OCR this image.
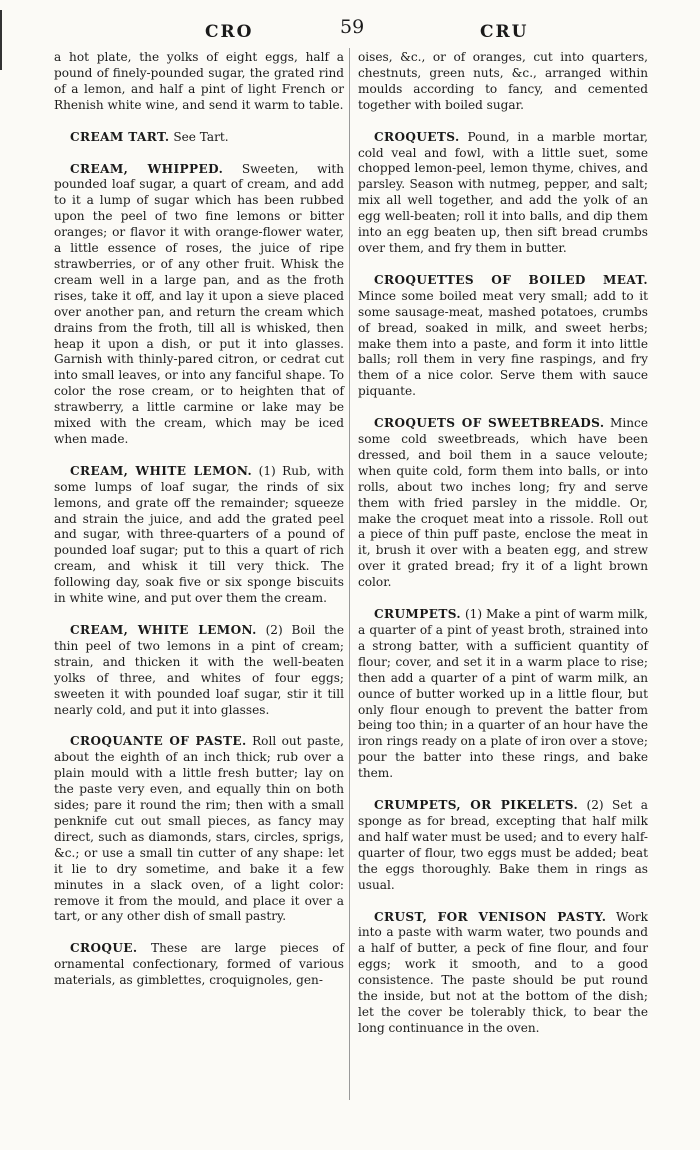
CRO	59	CRU

a hot plate, the yolks of eight eggs, half a pound of finely-pounded sugar, the grated rind of a lemon, and half a pint of light French or Rhenish white wine, and send it warm to table.

CREAM TART. See Tart.

CREAM, WHIPPED. Sweeten, with pounded loaf sugar, a quart of cream, and add to it a lump of sugar which has been rubbed upon the peel of two fine lemons or bitter oranges; or flavor it with orange-flower water, a little essence of roses, the juice of ripe strawberries, or of any other fruit. Whisk the cream well in a large pan, and as the froth rises, take it off, and lay it upon a sieve placed over another pan, and return the cream which drains from the froth, till all is whisked, then heap it upon a dish, or put it into glasses. Garnish with thinly-pared citron, or cedrat cut into small leaves, or into any fanciful shape. To color the rose cream, or to heighten that of strawberry, a little carmine or lake may be mixed with the cream, which may be iced when made.

CREAM, WHITE LEMON. (1) Rub, with some lumps of loaf sugar, the rinds of six lemons, and grate off the remainder; squeeze and strain the juice, and add the grated peel and sugar, with three-quarters of a pound of pounded loaf sugar; put to this a quart of rich cream, and whisk it till very thick. The following day, soak five or six sponge biscuits in white wine, and put over them the cream.

CREAM, WHITE LEMON. (2) Boil the thin peel of two lemons in a pint of cream; strain, and thicken it with the well-beaten yolks of three, and whites of four eggs; sweeten it with pounded loaf sugar, stir it till nearly cold, and put it into glasses.

CROQUANTE OF PASTE. Roll out paste, about the eighth of an inch thick; rub over a plain mould with a little fresh butter; lay on the paste very even, and equally thin on both sides; pare it round the rim; then with a small penknife cut out small pieces, as fancy may direct, such as diamonds, stars, circles, sprigs, &c.; or use a small tin cutter of any shape: let it lie to dry sometime, and bake it a few minutes in a slack oven, of a light color: remove it from the mould, and place it over a tart, or any other dish of small pastry.

CROQUE. These are large pieces of ornamental confectionary, formed of various materials, as gimblettes, croquignoles, gen-

oises, &c., or of oranges, cut into quarters, chestnuts, green nuts, &c., arranged within moulds according to fancy, and cemented together with boiled sugar.

CROQUETS. Pound, in a marble mortar, cold veal and fowl, with a little suet, some chopped lemon-peel, lemon thyme, chives, and parsley. Season with nutmeg, pepper, and salt; mix all well together, and add the yolk of an egg well-beaten; roll it into balls, and dip them into an egg beaten up, then sift bread crumbs over them, and fry them in butter.

CROQUETTES OF BOILED MEAT. Mince some boiled meat very small; add to it some sausage-meat, mashed potatoes, crumbs of bread, soaked in milk, and sweet herbs; make them into a paste, and form it into little balls; roll them in very fine raspings, and fry them of a nice color. Serve them with sauce piquante.

CROQUETS OF SWEETBREADS. Mince some cold sweetbreads, which have been dressed, and boil them in a sauce veloute; when quite cold, form them into balls, or into rolls, about two inches long; fry and serve them with fried parsley in the middle. Or, make the croquet meat into a rissole. Roll out a piece of thin puff paste, enclose the meat in it, brush it over with a beaten egg, and strew over it grated bread; fry it of a light brown color.

CRUMPETS. (1) Make a pint of warm milk, a quarter of a pint of yeast broth, strained into a strong batter, with a sufficient quantity of flour; cover, and set it in a warm place to rise; then add a quarter of a pint of warm milk, an ounce of butter worked up in a little flour, but only flour enough to prevent the batter from being too thin; in a quarter of an hour have the iron rings ready on a plate of iron over a stove; pour the batter into these rings, and bake them.

CRUMPETS, OR PIKELETS. (2) Set a sponge as for bread, excepting that half milk and half water must be used; and to every half-quarter of flour, two eggs must be added; beat the eggs thoroughly. Bake them in rings as usual.

CRUST, FOR VENISON PASTY. Work into a paste with warm water, two pounds and a half of butter, a peck of fine flour, and four eggs; work it smooth, and to a good consistence. The paste should be put round the inside, but not at the bottom of the dish; let the cover be tolerably thick, to bear the long continuance in the oven.
